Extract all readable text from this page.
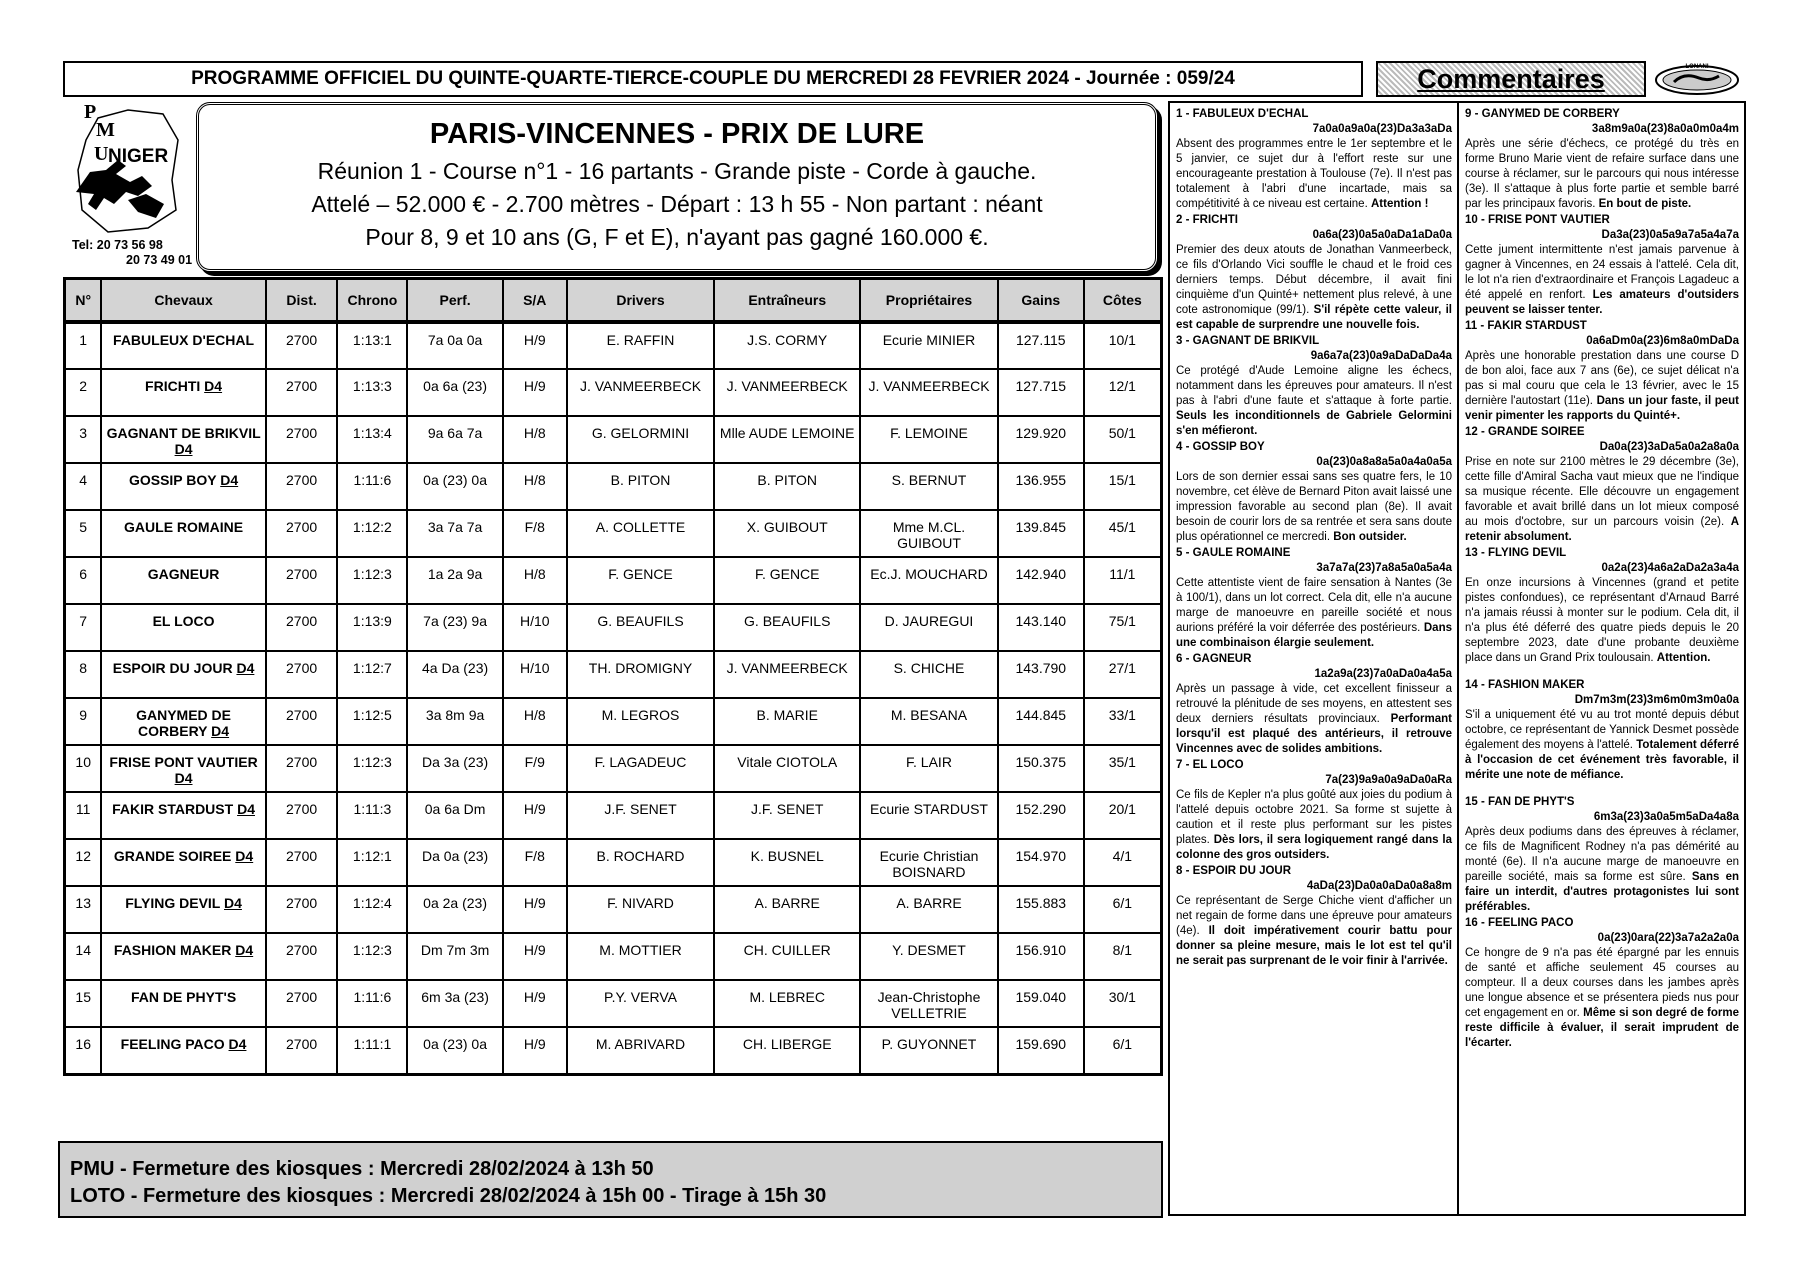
PROGRAMME OFFICIEL DU QUINTE-QUARTE-TIERCE-COUPLE DU MERCREDI 28 FEVRIER 2024 - Journée : 059/24	Commentaires	LONANI
P
M
U NIGER
Tel: 20 73 56 98
20 73 49 01
PARIS-VINCENNES - PRIX DE LURE
Réunion 1 - Course n°1 - 16 partants - Grande piste - Corde à gauche.
Attelé – 52.000 € - 2.700 mètres - Départ : 13 h 55 - Non partant : néant
Pour 8, 9 et 10 ans (G, F et E), n'ayant pas gagné 160.000 €.
N°	Chevaux	Dist.	Chrono	Perf.	S/A	Drivers	Entraîneurs	Propriétaires	Gains	Côtes
1	FABULEUX D'ECHAL	2700	1:13:1	7a 0a 0a	H/9	E. RAFFIN	J.S. CORMY	Ecurie MINIER	127.115	10/1
2	FRICHTI D4	2700	1:13:3	0a 6a (23)	H/9	J. VANMEERBECK	J. VANMEERBECK	J. VANMEERBECK	127.715	12/1
3	GAGNANT DE BRIKVIL D4	2700	1:13:4	9a 6a 7a	H/8	G. GELORMINI	Mlle AUDE LEMOINE	F. LEMOINE	129.920	50/1
4	GOSSIP BOY D4	2700	1:11:6	0a (23) 0a	H/8	B. PITON	B. PITON	S. BERNUT	136.955	15/1
5	GAULE ROMAINE	2700	1:12:2	3a 7a 7a	F/8	A. COLLETTE	X. GUIBOUT	Mme M.CL. GUIBOUT	139.845	45/1
6	GAGNEUR	2700	1:12:3	1a 2a 9a	H/8	F. GENCE	F. GENCE	Ec.J. MOUCHARD	142.940	11/1
7	EL LOCO	2700	1:13:9	7a (23) 9a	H/10	G. BEAUFILS	G. BEAUFILS	D. JAUREGUI	143.140	75/1
8	ESPOIR DU JOUR D4	2700	1:12:7	4a Da (23)	H/10	TH. DROMIGNY	J. VANMEERBECK	S. CHICHE	143.790	27/1
9	GANYMED DE CORBERY D4	2700	1:12:5	3a 8m 9a	H/8	M. LEGROS	B. MARIE	M. BESANA	144.845	33/1
10	FRISE PONT VAUTIER D4	2700	1:12:3	Da 3a (23)	F/9	F. LAGADEUC	Vitale CIOTOLA	F. LAIR	150.375	35/1
11	FAKIR STARDUST D4	2700	1:11:3	0a 6a Dm	H/9	J.F. SENET	J.F. SENET	Ecurie STARDUST	152.290	20/1
12	GRANDE SOIREE D4	2700	1:12:1	Da 0a (23)	F/8	B. ROCHARD	K. BUSNEL	Ecurie Christian BOISNARD	154.970	4/1
13	FLYING DEVIL D4	2700	1:12:4	0a 2a (23)	H/9	F. NIVARD	A. BARRE	A. BARRE	155.883	6/1
14	FASHION MAKER D4	2700	1:12:3	Dm 7m 3m	H/9	M. MOTTIER	CH. CUILLER	Y. DESMET	156.910	8/1
15	FAN DE PHYT'S	2700	1:11:6	6m 3a (23)	H/9	P.Y. VERVA	M. LEBREC	Jean-Christophe VELLETRIE	159.040	30/1
16	FEELING PACO D4	2700	1:11:1	0a (23) 0a	H/9	M. ABRIVARD	CH. LIBERGE	P. GUYONNET	159.690	6/1
PMU - Fermeture des kiosques : Mercredi 28/02/2024 à 13h 50
LOTO - Fermeture des kiosques : Mercredi 28/02/2024 à 15h 00 - Tirage à 15h 30
1 - FABULEUX D'ECHAL
7a0a0a9a0a(23)Da3a3aDa
Absent des programmes entre le 1er septembre et le 5 janvier, ce sujet dur à l'effort reste sur une encourageante prestation à Toulouse (7e). Il n'est pas totalement à l'abri d'une incartade, mais sa compétitivité à ce niveau est certaine. Attention !
2 - FRICHTI
0a6a(23)0a5a0aDa1aDa0a
Premier des deux atouts de Jonathan Vanmeerbeck, ce fils d'Orlando Vici souffle le chaud et le froid ces derniers temps. Début décembre, il avait fini cinquième d'un Quinté+ nettement plus relevé, à une cote astronomique (99/1). S'il répète cette valeur, il est capable de surprendre une nouvelle fois.
3 - GAGNANT DE BRIKVIL
9a6a7a(23)0a9aDaDaDa4a
Ce protégé d'Aude Lemoine aligne les échecs, notamment dans les épreuves pour amateurs. Il n'est pas à l'abri d'une faute et s'attaque à forte partie. Seuls les inconditionnels de Gabriele Gelormini s'en méfieront.
4 - GOSSIP BOY
0a(23)0a8a8a5a0a4a0a5a
Lors de son dernier essai sans ses quatre fers, le 10 novembre, cet élève de Bernard Piton avait laissé une impression favorable au second plan (8e). Il avait besoin de courir lors de sa rentrée et sera sans doute plus opérationnel ce mercredi. Bon outsider.
5 - GAULE ROMAINE
3a7a7a(23)7a8a5a0a5a4a
Cette attentiste vient de faire sensation à Nantes (3e à 100/1), dans un lot correct. Cela dit, elle n'a aucune marge de manoeuvre en pareille société et nous aurions préféré la voir déferrée des postérieurs. Dans une combinaison élargie seulement.
6 - GAGNEUR
1a2a9a(23)7a0aDa0a4a5a
Après un passage à vide, cet excellent finisseur a retrouvé la plénitude de ses moyens, en attestent ses deux derniers résultats provinciaux. Performant lorsqu'il est plaqué des antérieurs, il retrouve Vincennes avec de solides ambitions.
7 - EL LOCO
7a(23)9a9a0a9aDa0aRa
Ce fils de Kepler n'a plus goûté aux joies du podium à l'attelé depuis octobre 2021. Sa forme st sujette à caution et il reste plus performant sur les pistes plates. Dès lors, il sera logiquement rangé dans la colonne des gros outsiders.
8 - ESPOIR DU JOUR
4aDa(23)Da0a0aDa0a8a8m
Ce représentant de Serge Chiche vient d'afficher un net regain de forme dans une épreuve pour amateurs (4e). Il doit impérativement courir battu pour donner sa pleine mesure, mais le lot est tel qu'il ne serait pas surprenant de le voir finir à l'arrivée.
9 - GANYMED DE CORBERY
3a8m9a0a(23)8a0a0m0a4m
Après une série d'échecs, ce protégé du très en forme Bruno Marie vient de refaire surface dans une course à réclamer, sur le parcours qui nous intéresse (3e). Il s'attaque à plus forte partie et semble barré par les principaux favoris. En bout de piste.
10 - FRISE PONT VAUTIER
Da3a(23)0a5a9a7a5a4a7a
Cette jument intermittente n'est jamais parvenue à gagner à Vincennes, en 24 essais à l'attelé. Cela dit, le lot n'a rien d'extraordinaire et François Lagadeuc a été appelé en renfort. Les amateurs d'outsiders peuvent se laisser tenter.
11 - FAKIR STARDUST
0a6aDm0a(23)6m8a0mDaDa
Après une honorable prestation dans une course D de bon aloi, face aux 7 ans (6e), ce sujet délicat n'a pas si mal couru que cela le 13 février, avec le 15 dernière l'autostart (11e). Dans un jour faste, il peut venir pimenter les rapports du Quinté+.
12 - GRANDE SOIREE
Da0a(23)3aDa5a0a2a8a0a
Prise en note sur 2100 mètres le 29 décembre (3e), cette fille d'Amiral Sacha vaut mieux que ne l'indique sa musique récente. Elle découvre un engagement favorable et avait brillé dans un lot mieux composé au mois d'octobre, sur un parcours voisin (2e). A retenir absolument.
13 - FLYING DEVIL
0a2a(23)4a6a2aDa2a3a4a
En onze incursions à Vincennes (grand et petite pistes confondues), ce représentant d'Arnaud Barré n'a jamais réussi à monter sur le podium. Cela dit, il n'a plus été déferré des quatre pieds depuis le 20 septembre 2023, date d'une probante deuxième place dans un Grand Prix toulousain. Attention.
14 - FASHION MAKER
Dm7m3m(23)3m6m0m3m0a0a
S'il a uniquement été vu au trot monté depuis début octobre, ce représentant de Yannick Desmet possède également des moyens à l'attelé. Totalement déferré à l'occasion de cet événement très favorable, il mérite une note de méfiance.
15 - FAN DE PHYT'S
6m3a(23)3a0a5m5aDa4a8a
Après deux podiums dans des épreuves à réclamer, ce fils de Magnificent Rodney n'a pas démérité au monté (6e). Il n'a aucune marge de manoeuvre en pareille société, mais sa forme est sûre. Sans en faire un interdit, d'autres protagonistes lui sont préférables.
16 - FEELING PACO
0a(23)0ara(22)3a7a2a2a0a
Ce hongre de 9 n'a pas été épargné par les ennuis de santé et affiche seulement 45 courses au compteur. Il a deux courses dans les jambes après une longue absence et se présentera pieds nus pour cet engagement en or. Même si son degré de forme reste difficile à évaluer, il serait imprudent de l'écarter.
